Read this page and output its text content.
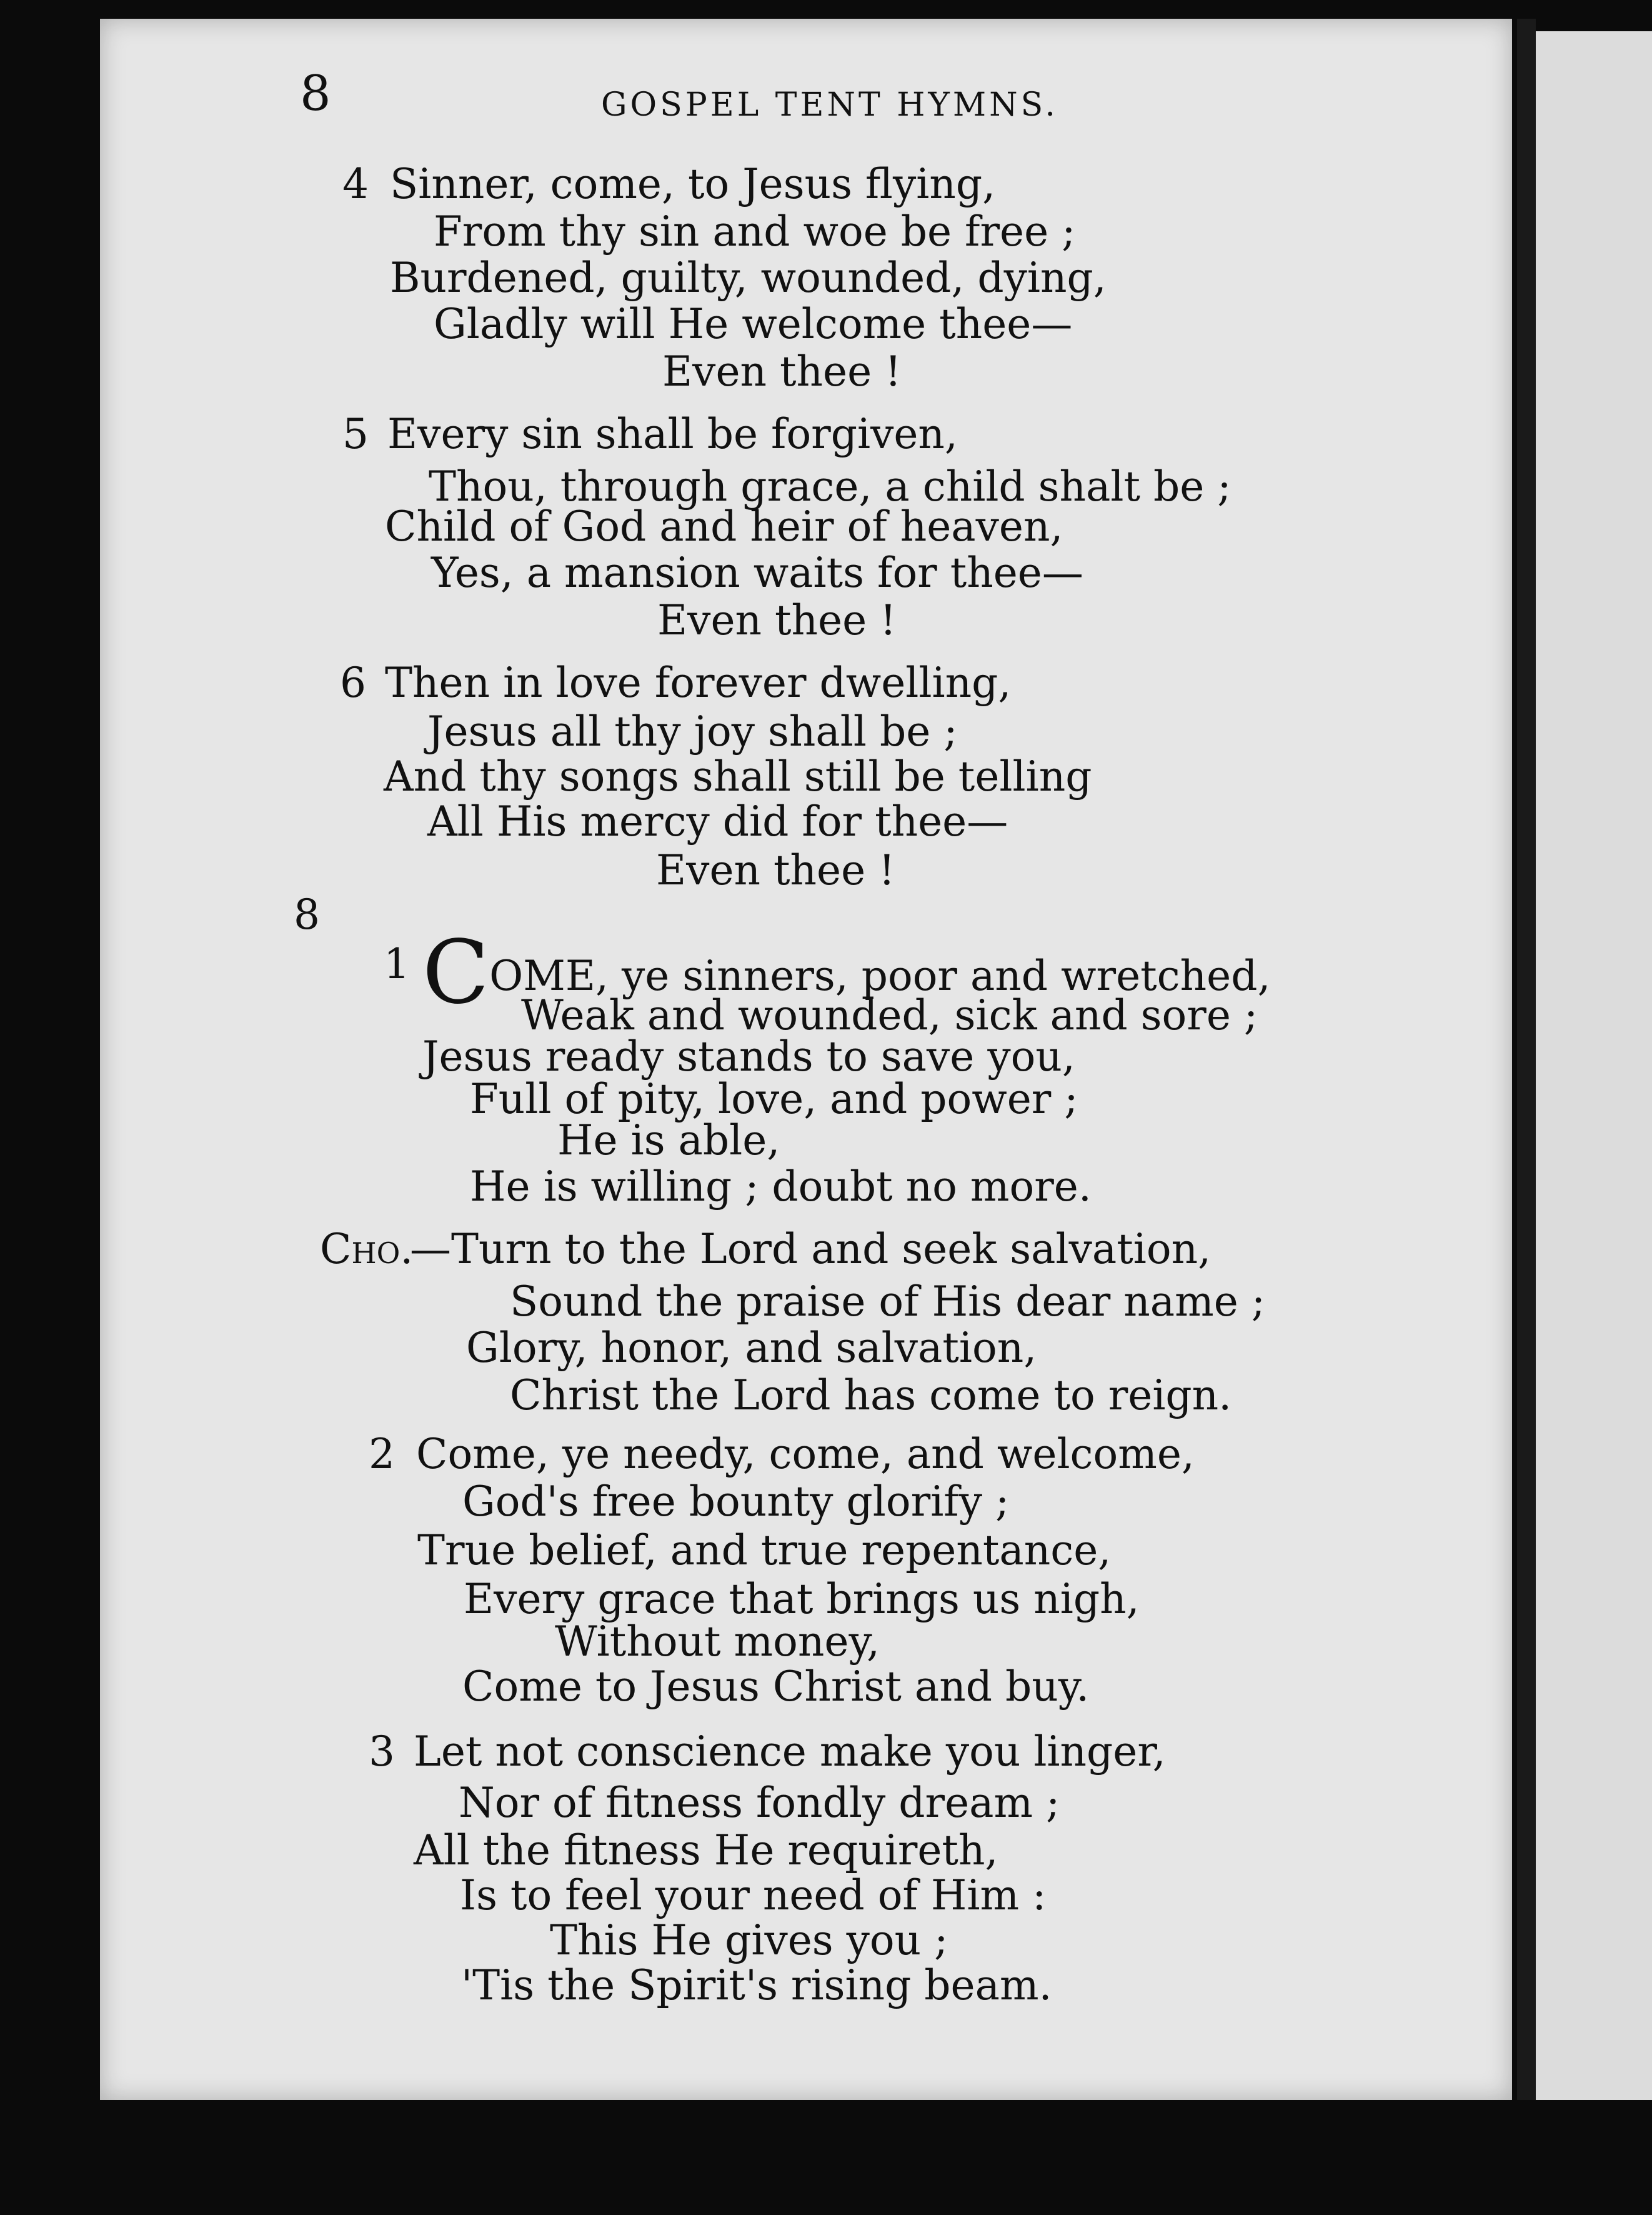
8	GOSPEL TENT HYMNS.
4 Sinner, come, to Jesus flying,
From thy sin and woe be free ;
Burdened, guilty, wounded, dying,
Gladly will He welcome thee—
Even thee !
5 Every sin shall be forgiven,
Thou, through grace, a child shalt be ;
Child of God and heir of heaven,
Yes, a mansion waits for thee—
Even thee !
6 Then in love forever dwelling,
Jesus all thy joy shall be ;
And thy songs shall still be telling
All His mercy did for thee—
Even thee !
8
1 COME, ye sinners, poor and wretched,
Weak and wounded, sick and sore ;
Jesus ready stands to save you,
Full of pity, love, and power ;
He is able,
He is willing ; doubt no more.
Cho.
—Turn to the Lord and seek salvation,
Sound the praise of His dear name ;
Glory, honor, and salvation,
Christ the Lord has come to reign.
2 Come, ye needy, come, and welcome,
God's free bounty glorify ;
True belief, and true repentance,
Every grace that brings us nigh,
Without money,
Come to Jesus Christ and buy.
3 Let not conscience make you linger,
Nor of fitness fondly dream ;
All the fitness He requireth,
Is to feel your need of Him :
This He gives you ;
'Tis the Spirit's rising beam.
